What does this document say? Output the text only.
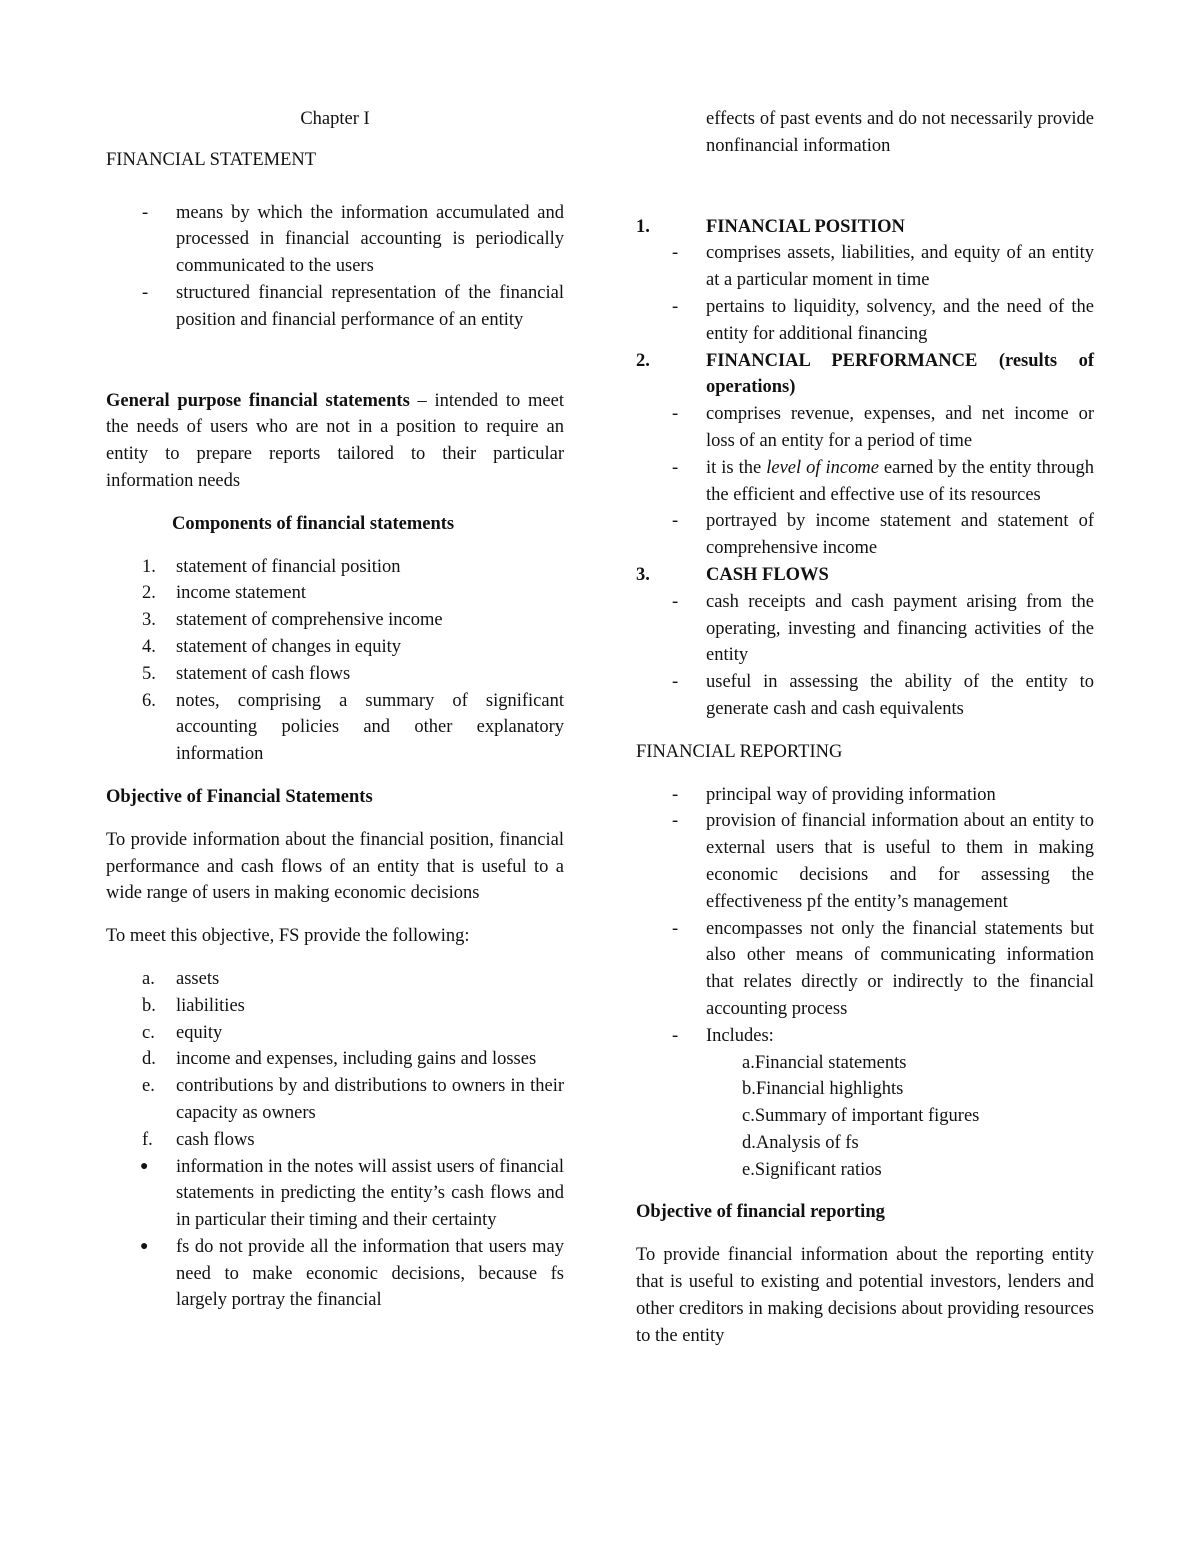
Chapter I

FINANCIAL STATEMENT

-	means by which the information accumulated and processed in financial accounting is periodically communicated to the users
-	structured financial representation of the financial position and financial performance of an entity

General purpose financial statements – intended to meet the needs of users who are not in a position to require an entity to prepare reports tailored to their particular information needs

Components of financial statements

1.	statement of financial position
2.	income statement
3.	statement of comprehensive income
4.	statement of changes in equity
5.	statement of cash flows
6.	notes, comprising a summary of significant accounting policies and other explanatory information

Objective of Financial Statements

To provide information about the financial position, financial performance and cash flows of an entity that is useful to a wide range of users in making economic decisions

To meet this objective, FS provide the following:

a.	assets
b.	liabilities
c.	equity
d.	income and expenses, including gains and losses
e.	contributions by and distributions to owners in their capacity as owners
f.	cash flows
●	information in the notes will assist users of financial statements in predicting the entity’s cash flows and in particular their timing and their certainty
●	fs do not provide all the information that users may need to make economic decisions, because fs largely portray the financial

effects of past events and do not necessarily provide nonfinancial information

1.	FINANCIAL POSITION
-	comprises assets, liabilities, and equity of an entity at a particular moment in time
-	pertains to liquidity, solvency, and the need of the entity for additional financing
2.	FINANCIAL PERFORMANCE (results of operations)
-	comprises revenue, expenses, and net income or loss of an entity for a period of time
-	it is the level of income earned by the entity through the efficient and effective use of its resources
-	portrayed by income statement and statement of comprehensive income
3.	CASH FLOWS
-	cash receipts and cash payment arising from the operating, investing and financing activities of the entity
-	useful in assessing the ability of the entity to generate cash and cash equivalents

FINANCIAL REPORTING

-	principal way of providing information
-	provision of financial information about an entity to external users that is useful to them in making economic decisions and for assessing the effectiveness pf the entity’s management
-	encompasses not only the financial statements but also other means of communicating information that relates directly or indirectly to the financial accounting process
-	Includes:
a. Financial statements
b. Financial highlights
c. Summary of important figures
d. Analysis of fs
e. Significant ratios

Objective of financial reporting

To provide financial information about the reporting entity that is useful to existing and potential investors, lenders and other creditors in making decisions about providing resources to the entity
